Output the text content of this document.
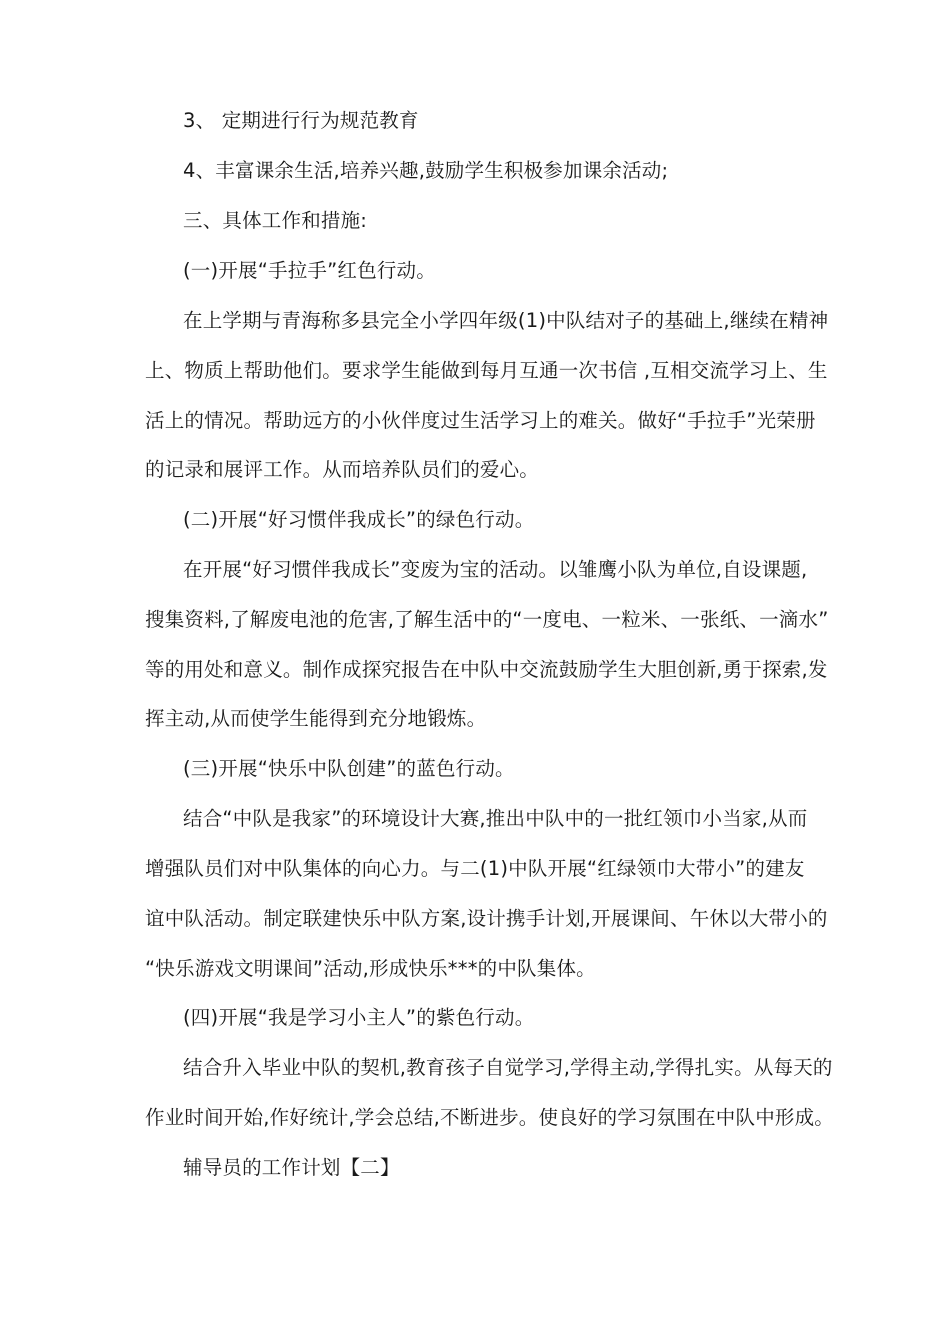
3、 定期进行行为规范教育
4、丰富课余生活,培养兴趣,鼓励学生积极参加课余活动;
三、具体工作和措施:
(一)开展“手拉手”红色行动。
在上学期与青海称多县完全小学四年级(1)中队结对子的基础上,继续在精神
上、物质上帮助他们。要求学生能做到每月互通一次书信 ,互相交流学习上、生
活上的情况。帮助远方的小伙伴度过生活学习上的难关。做好“手拉手”光荣册
的记录和展评工作。从而培养队员们的爱心。
(二)开展“好习惯伴我成长”的绿色行动。
在开展“好习惯伴我成长”变废为宝的活动。以雏鹰小队为单位,自设课题,
搜集资料,了解废电池的危害,了解生活中的“一度电、一粒米、一张纸、一滴水”
等的用处和意义。制作成探究报告在中队中交流鼓励学生大胆创新,勇于探索,发
挥主动,从而使学生能得到充分地锻炼。
(三)开展“快乐中队创建”的蓝色行动。
结合“中队是我家”的环境设计大赛,推出中队中的一批红领巾小当家,从而
增强队员们对中队集体的向心力。与二(1)中队开展“红绿领巾大带小”的建友
谊中队活动。制定联建快乐中队方案,设计携手计划,开展课间、午休以大带小的
“快乐游戏文明课间”活动,形成快乐***的中队集体。
(四)开展“我是学习小主人”的紫色行动。
结合升入毕业中队的契机,教育孩子自觉学习,学得主动,学得扎实。从每天的
作业时间开始,作好统计,学会总结,不断进步。使良好的学习氛围在中队中形成。
辅导员的工作计划【二】
